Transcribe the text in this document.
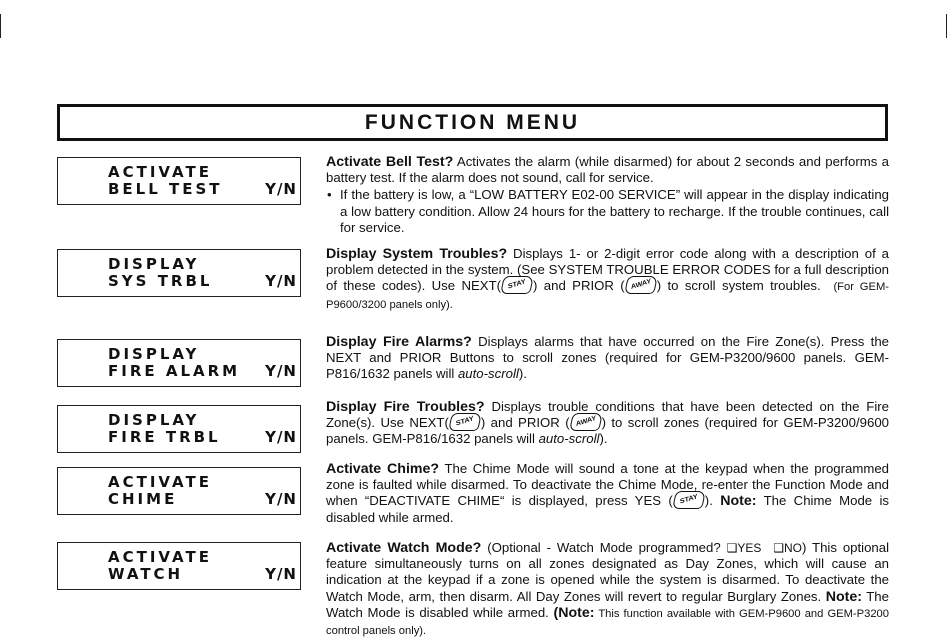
FUNCTION MENU
ACTIVATE
BELL TEST	Y/N
DISPLAY
SYS TRBL	Y/N
DISPLAY
FIRE ALARM Y/N
DISPLAY
FIRE TRBL	Y/N
ACTIVATE
CHIME	Y/N
ACTIVATE
WATCH	Y/N

Activate Bell Test? Activates the alarm (while disarmed) for about 2 seconds and performs a battery test. If the alarm does not sound, call for service.

• If the battery is low, a “LOW BATTERY E02-00 SERVICE” will appear in the display indicating a low battery condition. Allow 24 hours for the battery to recharge. If the trouble continues, call for service.

Display System Troubles? Displays 1- or 2-digit error code along with a description of a problem detected in the system. (See SYSTEM TROUBLE ERROR CODES for a full description of these codes). Use NEXT( STAY ) and PRIOR ( AWAY ) to scroll system troubles. (For GEM-P9600/3200 panels only).

Display Fire Alarms? Displays alarms that have occurred on the Fire Zone(s). Press the NEXT and PRIOR Buttons to scroll zones (required for GEM-P3200/9600 panels. GEM-P816/1632 panels will auto-scroll).

Display Fire Troubles? Displays trouble conditions that have been detected on the Fire Zone(s). Use NEXT( STAY ) and PRIOR ( AWAY ) to scroll zones (required for GEM-P3200/9600 panels. GEM-P816/1632 panels will auto-scroll).

Activate Chime? The Chime Mode will sound a tone at the keypad when the programmed zone is faulted while disarmed. To deactivate the Chime Mode, re-enter the Function Mode and when “DEACTIVATE CHIME“ is displayed, press YES ( STAY ). Note: The Chime Mode is disabled while armed.

Activate Watch Mode? (Optional - Watch Mode programmed? ❑YES ❑NO) This optional feature simultaneously turns on all zones designated as Day Zones, which will cause an indication at the keypad if a zone is opened while the system is disarmed. To deactivate the Watch Mode, arm, then disarm. All Day Zones will revert to regular Burglary Zones. Note: The Watch Mode is disabled while armed. (Note: This function available with GEM-P9600 and GEM-P3200 control panels only).
